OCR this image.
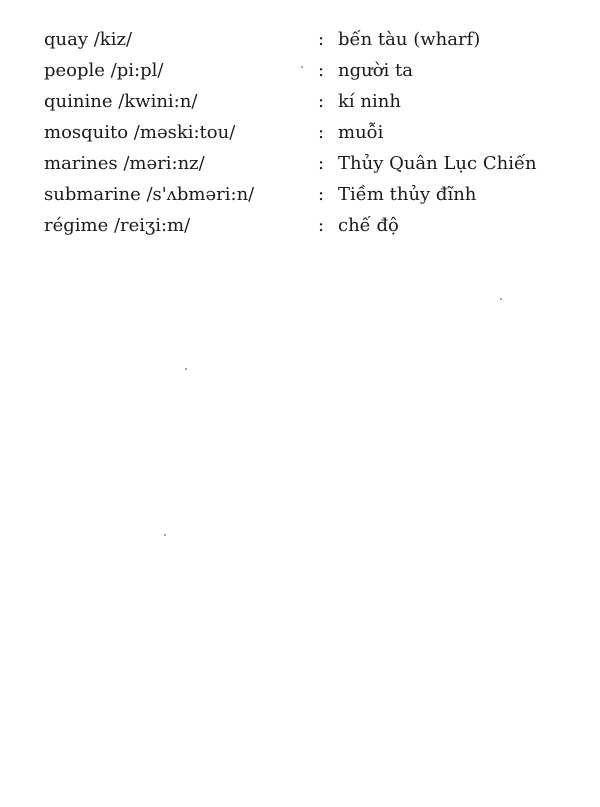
quay /kiz/	: bến tàu (wharf)
people /pi:pl/	: người ta
quinine /kwini:n/	: kí ninh
mosquito /məski:tou/	: muỗi
marines /məri:nz/	: Thủy Quân Lục Chiến
submarine /s'ʌbməri:n/	: Tiềm thủy đĩnh
régime /reiʒi:m/	: chế độ
